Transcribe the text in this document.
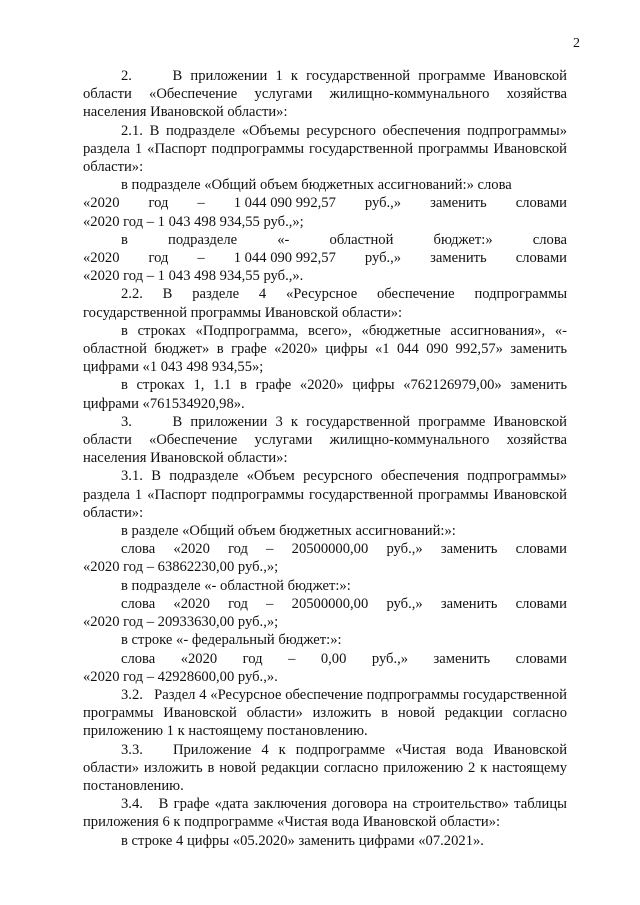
2

2.     В приложении 1 к государственной программе Ивановской области «Обеспечение услугами жилищно-коммунального хозяйства населения Ивановской области»:

2.1. В подразделе «Объемы ресурсного обеспечения подпрограммы» раздела 1 «Паспорт подпрограммы государственной программы Ивановской области»:

в подразделе «Общий объем бюджетных ассигнований:» слова

«2020 год – 1 044 090 992,57 руб.,» заменить словами

«2020 год – 1 043 498 934,55 руб.,»;

в	подразделе	«-	областной	бюджет:»	слова
«2020 год – 1 044 090 992,57 руб.,» заменить словами

«2020 год – 1 043 498 934,55 руб.,».

2.2. В разделе 4 «Ресурсное обеспечение подпрограммы государственной программы Ивановской области»:

в строках «Подпрограмма, всего», «бюджетные ассигнования», «- областной бюджет» в графе «2020» цифры «1 044 090 992,57» заменить цифрами «1 043 498 934,55»;

в строках 1, 1.1 в графе «2020» цифры «762126979,00» заменить цифрами «761534920,98».

3.     В приложении 3 к государственной программе Ивановской области «Обеспечение услугами жилищно-коммунального хозяйства населения Ивановской области»:

3.1. В подразделе «Объем ресурсного обеспечения подпрограммы» раздела 1 «Паспорт подпрограммы государственной программы Ивановской области»:

в разделе «Общий объем бюджетных ассигнований:»:

слова «2020 год – 20500000,00 руб.,» заменить словами

«2020 год – 63862230,00 руб.,»;

в подразделе «- областной бюджет:»:

слова «2020 год – 20500000,00 руб.,» заменить словами

«2020 год – 20933630,00 руб.,»;

в строке «- федеральный бюджет:»:

слова «2020 год – 0,00 руб.,» заменить словами

«2020 год – 42928600,00 руб.,».

3.2.   Раздел 4 «Ресурсное обеспечение подпрограммы государственной программы Ивановской области» изложить в новой редакции согласно приложению 1 к настоящему постановлению.

3.3.   Приложение 4 к подпрограмме «Чистая вода Ивановской области» изложить в новой редакции согласно приложению 2 к настоящему постановлению.

3.4.   В графе «дата заключения договора на строительство» таблицы приложения 6 к подпрограмме «Чистая вода Ивановской области»:

в строке 4 цифры «05.2020» заменить цифрами «07.2021».
